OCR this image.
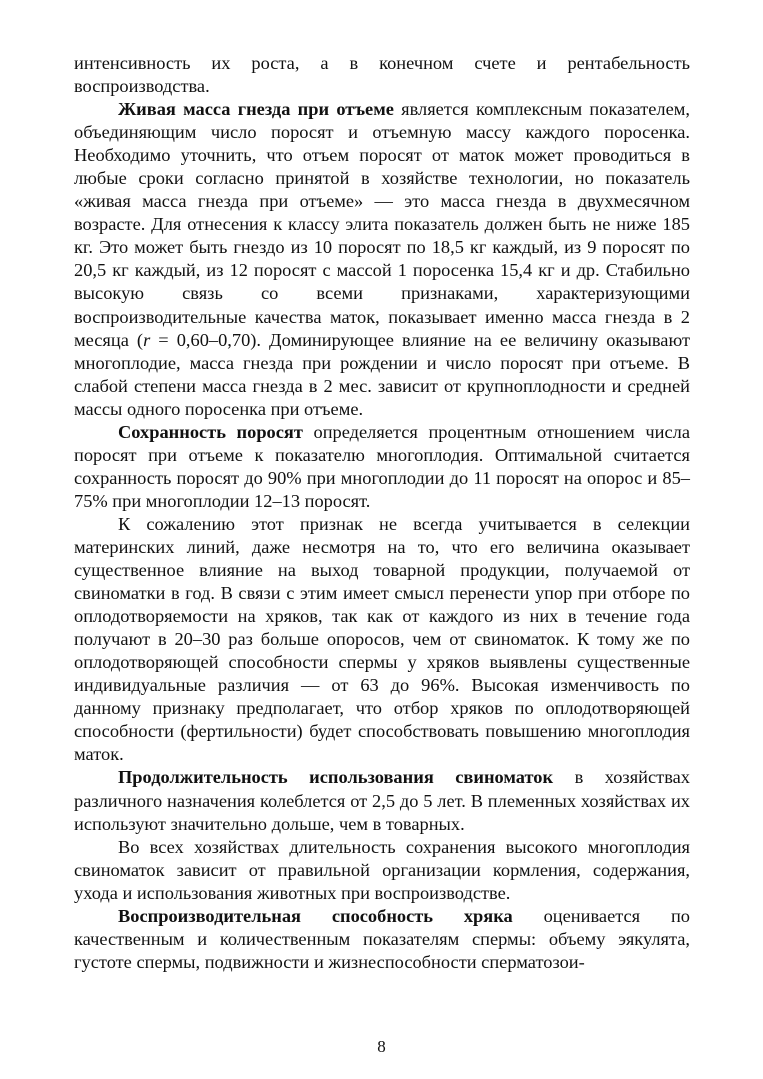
интенсивность их роста, а в конечном счете и рентабельность воспроизводства.

Живая масса гнезда при отъеме является комплексным показателем, объединяющим число поросят и отъемную массу каждого поросенка. Необходимо уточнить, что отъем поросят от маток может проводиться в любые сроки согласно принятой в хозяйстве технологии, но показатель «живая масса гнезда при отъеме» — это масса гнезда в двухмесячном возрасте. Для отнесения к классу элита показатель должен быть не ниже 185 кг. Это может быть гнездо из 10 поросят по 18,5 кг каждый, из 9 поросят по 20,5 кг каждый, из 12 поросят с массой 1 поросенка 15,4 кг и др. Стабильно высокую связь со всеми признаками, характеризующими воспроизводительные качества маток, показывает именно масса гнезда в 2 месяца (r = 0,60–0,70). Доминирующее влияние на ее величину оказывают многоплодие, масса гнезда при рождении и число поросят при отъеме. В слабой степени масса гнезда в 2 мес. зависит от крупноплодности и средней массы одного поросенка при отъеме.

Сохранность поросят определяется процентным отношением числа поросят при отъеме к показателю многоплодия. Оптимальной считается сохранность поросят до 90% при многоплодии до 11 поросят на опорос и 85–75% при многоплодии 12–13 поросят.

К сожалению этот признак не всегда учитывается в селекции материнских линий, даже несмотря на то, что его величина оказывает существенное влияние на выход товарной продукции, получаемой от свиноматки в год. В связи с этим имеет смысл перенести упор при отборе по оплодотворяемости на хряков, так как от каждого из них в течение года получают в 20–30 раз больше опоросов, чем от свиноматок. К тому же по оплодотворяющей способности спермы у хряков выявлены существенные индивидуальные различия — от 63 до 96%. Высокая изменчивость по данному признаку предполагает, что отбор хряков по оплодотворяющей способности (фертильности) будет способствовать повышению многоплодия маток.

Продолжительность использования свиноматок в хозяйствах различного назначения колеблется от 2,5 до 5 лет. В племенных хозяйствах их используют значительно дольше, чем в товарных.

Во всех хозяйствах длительность сохранения высокого многоплодия свиноматок зависит от правильной организации кормления, содержания, ухода и использования животных при воспроизводстве.

Воспроизводительная способность хряка оценивается по качественным и количественным показателям спермы: объему эякулята, густоте спермы, подвижности и жизнеспособности сперматозои-

8
